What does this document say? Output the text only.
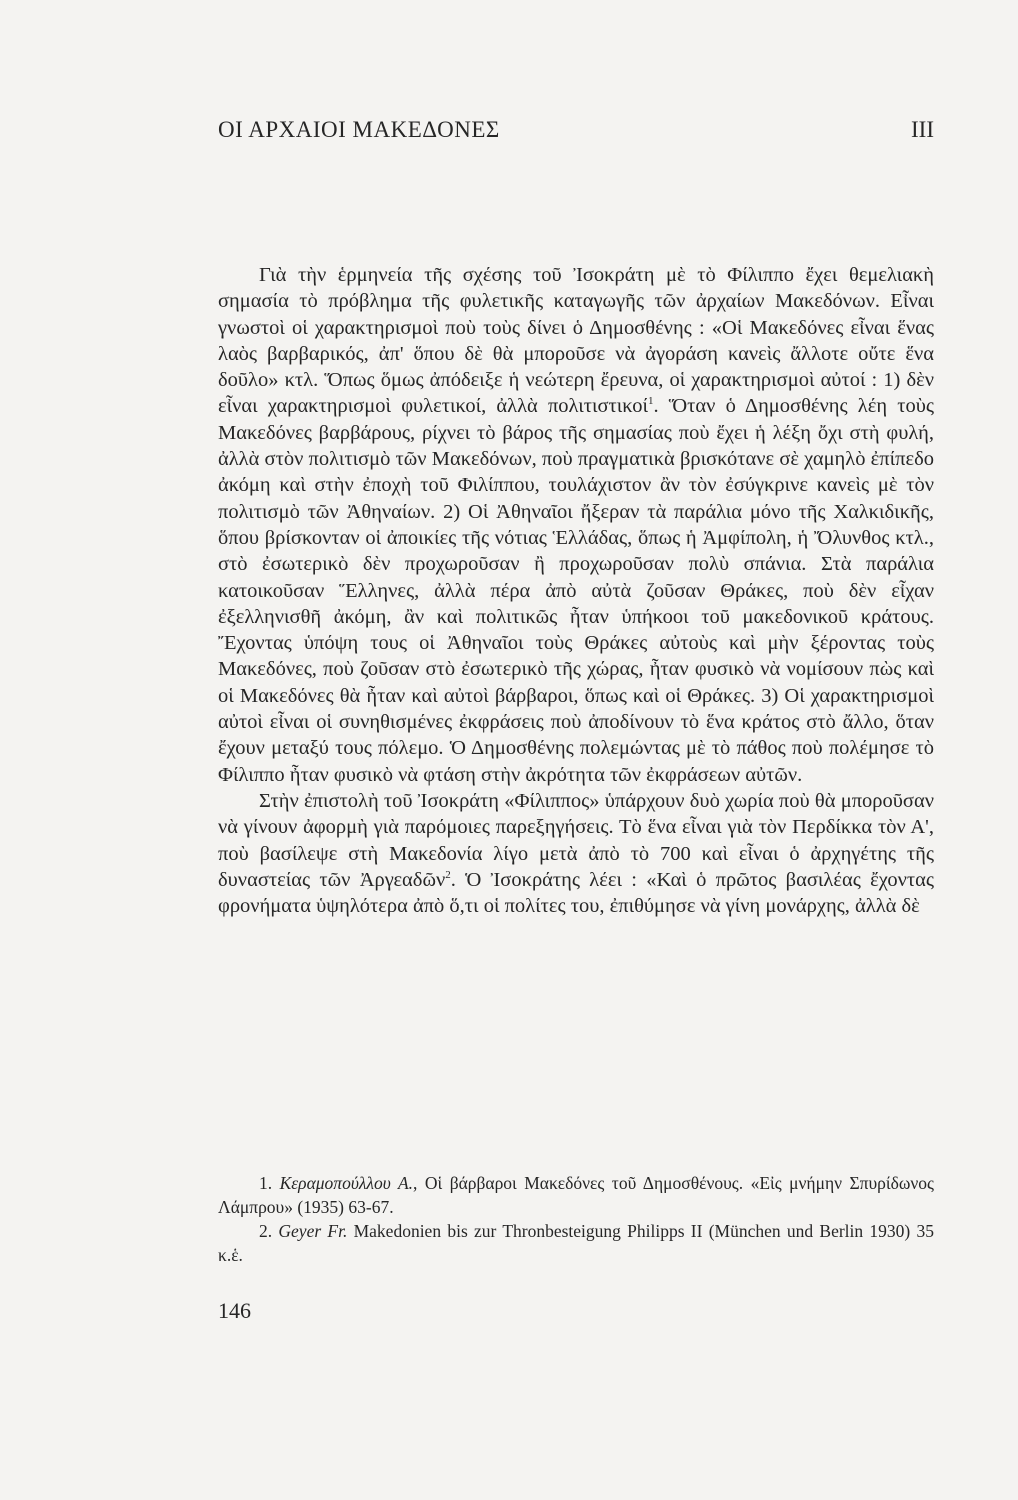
ΟΙ ΑΡΧΑΙΟΙ ΜΑΚΕΔΟΝΕΣ	III

Γιὰ τὴν ἑρμηνεία τῆς σχέσης τοῦ Ἰσοκράτη μὲ τὸ Φίλιππο ἔχει θεμελιακὴ σημασία τὸ πρόβλημα τῆς φυλετικῆς καταγωγῆς τῶν ἀρχαίων Μακεδόνων. Εἶναι γνωστοὶ οἱ χαρακτηρισμοὶ ποὺ τοὺς δίνει ὁ Δημοσθένης : «Οἱ Μακεδόνες εἶναι ἕνας λαὸς βαρβαρικός, ἀπ' ὅπου δὲ θὰ μποροῦσε νὰ ἀγοράση κανεὶς ἄλλοτε οὔτε ἕνα δοῦλο» κτλ. Ὅπως ὅμως ἀπόδειξε ἡ νεώτερη ἔρευνα, οἱ χαρακτηρισμοὶ αὐτοί : 1) δὲν εἶναι χαρακτηρισμοὶ φυλετικοί, ἀλλὰ πολιτιστικοί$^1$. Ὅταν ὁ Δημοσθένης λέη τοὺς Μακεδόνες βαρβάρους, ρίχνει τὸ βάρος τῆς σημασίας ποὺ ἔχει ἡ λέξη ὄχι στὴ φυλή, ἀλλὰ στὸν πολιτισμὸ τῶν Μακεδόνων, ποὺ πραγματικὰ βρισκότανε σὲ χαμηλὸ ἐπίπεδο ἀκόμη καὶ στὴν ἐποχὴ τοῦ Φιλίππου, τουλάχιστον ἂν τὸν ἐσύγκρινε κανεὶς μὲ τὸν πολιτισμὸ τῶν Ἀθηναίων. 2) Οἱ Ἀθηναῖοι ἤξεραν τὰ παράλια μόνο τῆς Χαλκιδικῆς, ὅπου βρίσκονταν οἱ ἀποικίες τῆς νότιας Ἑλλάδας, ὅπως ἡ Ἀμφίπολη, ἡ Ὄλυνθος κτλ., στὸ ἐσωτερικὸ δὲν προχωροῦσαν ἢ προχωροῦσαν πολὺ σπάνια. Στὰ παράλια κατοικοῦσαν Ἕλληνες, ἀλλὰ πέρα ἀπὸ αὐτὰ ζοῦσαν Θράκες, ποὺ δὲν εἶχαν ἐξελληνισθῆ ἀκόμη, ἂν καὶ πολιτικῶς ἦταν ὑπήκοοι τοῦ μακεδονικοῦ κράτους. Ἔχοντας ὑπόψη τους οἱ Ἀθηναῖοι τοὺς Θράκες αὐτοὺς καὶ μὴν ξέροντας τοὺς Μακεδόνες, ποὺ ζοῦσαν στὸ ἐσωτερικὸ τῆς χώρας, ἦταν φυσικὸ νὰ νομίσουν πὼς καὶ οἱ Μακεδόνες θὰ ἦταν καὶ αὐτοὶ βάρβαροι, ὅπως καὶ οἱ Θράκες. 3) Οἱ χαρακτηρισμοὶ αὐτοὶ εἶναι οἱ συνηθισμένες ἐκφράσεις ποὺ ἀποδίνουν τὸ ἕνα κράτος στὸ ἄλλο, ὅταν ἔχουν μεταξύ τους πόλεμο. Ὁ Δημοσθένης πολεμώντας μὲ τὸ πάθος ποὺ πολέμησε τὸ Φίλιππο ἦταν φυσικὸ νὰ φτάση στὴν ἀκρότητα τῶν ἐκφράσεων αὐτῶν.

Στὴν ἐπιστολὴ τοῦ Ἰσοκράτη «Φίλιππος» ὑπάρχουν δυὸ χωρία ποὺ θὰ μποροῦσαν νὰ γίνουν ἀφορμὴ γιὰ παρόμοιες παρεξηγήσεις. Τὸ ἕνα εἶναι γιὰ τὸν Περδίκκα τὸν Α', ποὺ βασίλεψε στὴ Μακεδονία λίγο μετὰ ἀπὸ τὸ 700 καὶ εἶναι ὁ ἀρχηγέτης τῆς δυναστείας τῶν Ἀργεαδῶν$^2$. Ὁ Ἰσοκράτης λέει : «Καὶ ὁ πρῶτος βασιλέας ἔχοντας φρονήματα ὑψηλότερα ἀπὸ ὅ,τι οἱ πολίτες του, ἐπιθύμησε νὰ γίνη μονάρχης, ἀλλὰ δὲ

1. Κεραμοπούλλου Α., Οἱ βάρβαροι Μακεδόνες τοῦ Δημοσθένους. «Εἰς μνήμην Σπυρίδωνος Λάμπρου» (1935) 63-67.

2. Geyer Fr. Makedonien bis zur Thronbesteigung Philipps II (München und Berlin 1930) 35 κ.ἑ.

146
